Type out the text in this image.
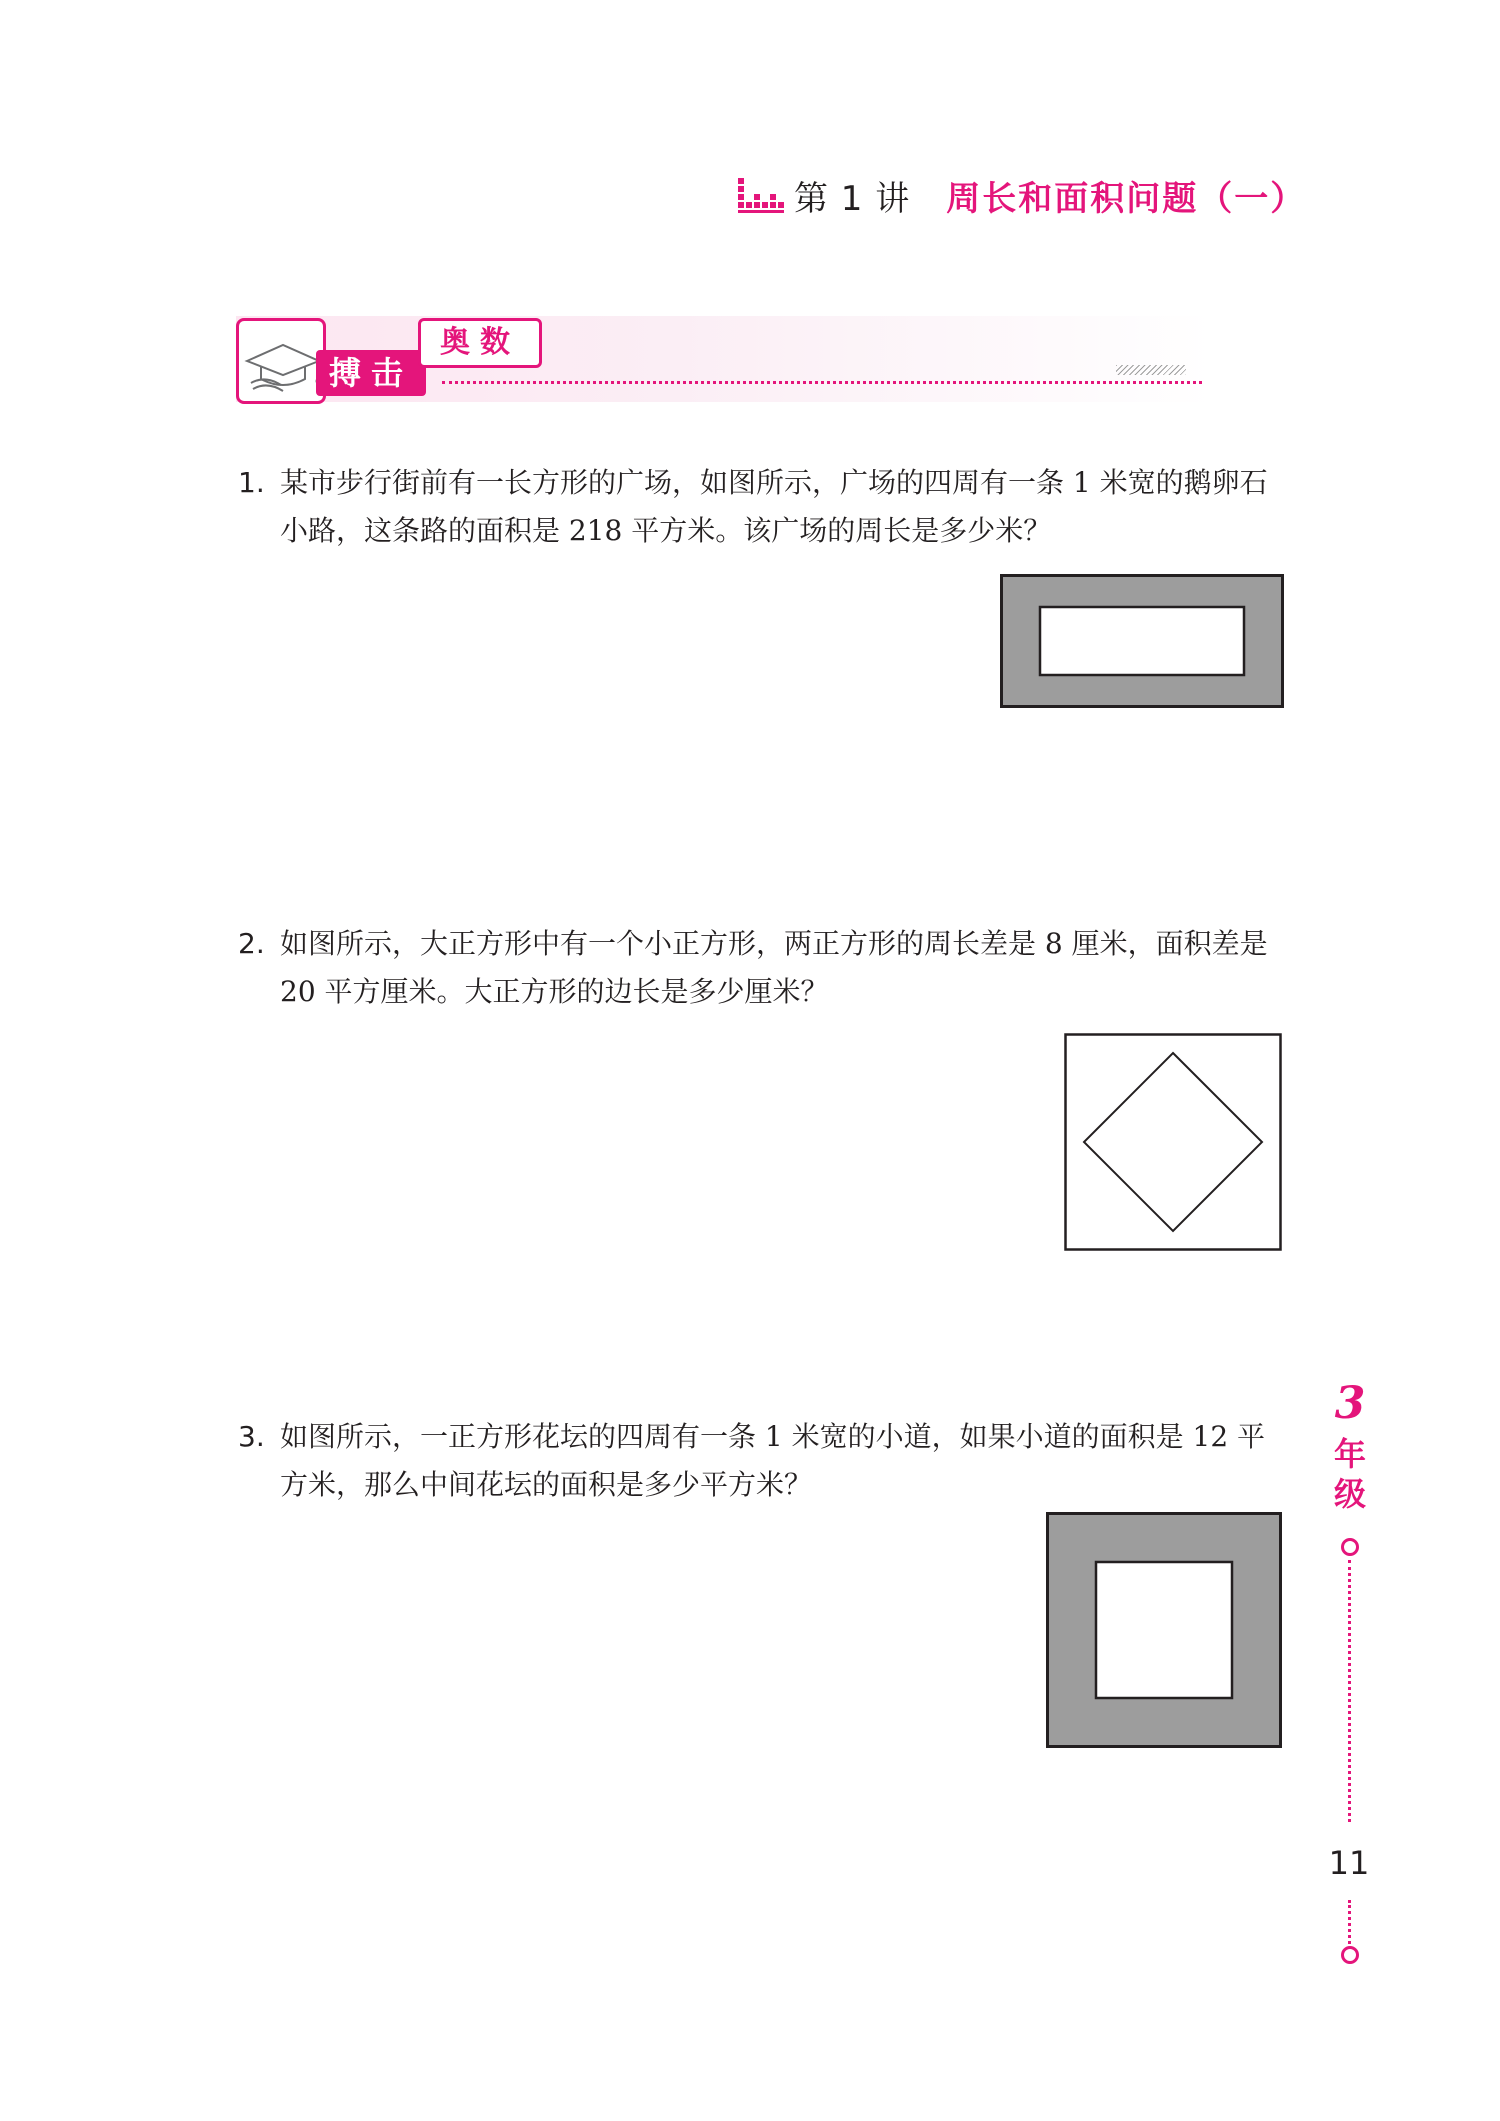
第 1 讲 周长和面积问题（一）
搏击
奥数
1. 某市步行街前有一长方形的广场，如图所示，广场的四周有一条 1 米宽的鹅卵石小路，这条路的面积是 218 平方米。该广场的周长是多少米？
2. 如图所示，大正方形中有一个小正方形，两正方形的周长差是 8 厘米，面积差是 20 平方厘米。大正方形的边长是多少厘米？
3. 如图所示，一正方形花坛的四周有一条 1 米宽的小道，如果小道的面积是 12 平方米，那么中间花坛的面积是多少平方米？
3
年级
11
